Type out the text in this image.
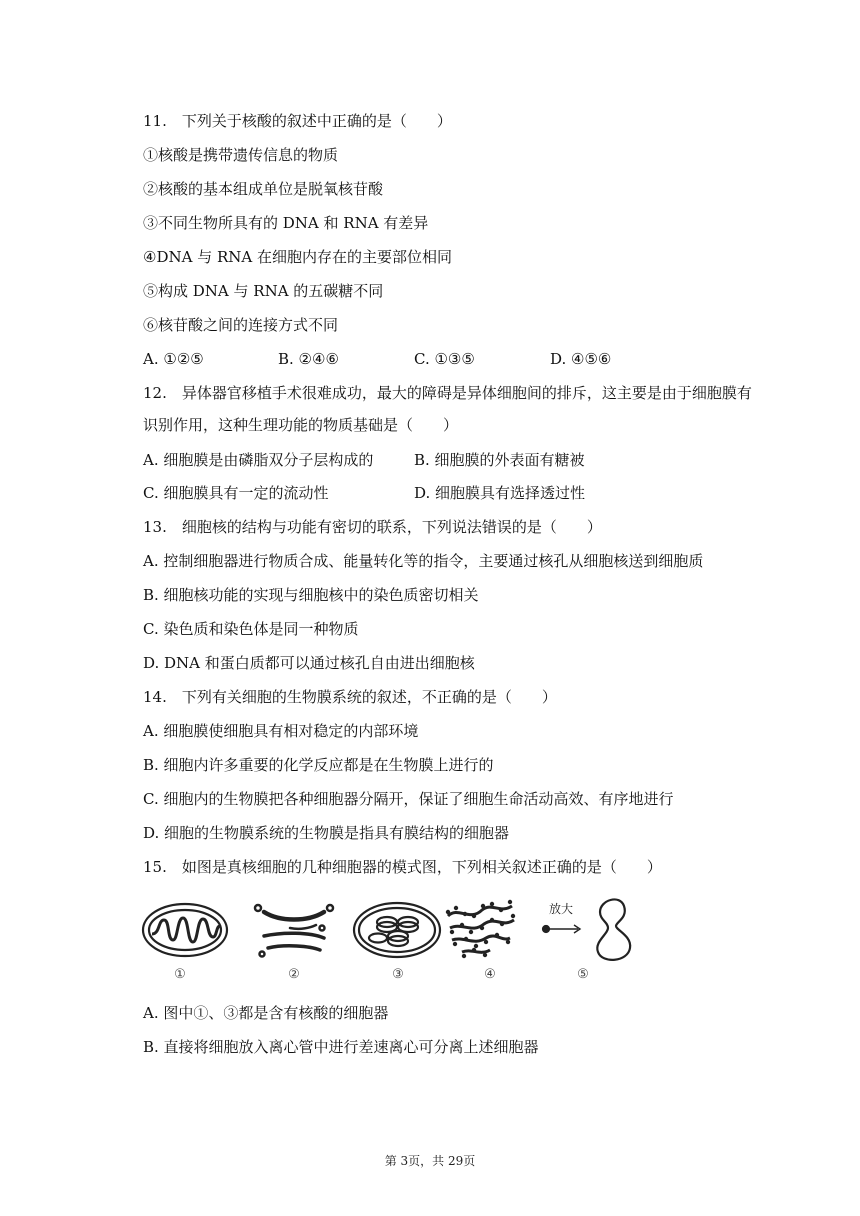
11.　下列关于核酸的叙述中正确的是（　　）
①核酸是携带遗传信息的物质
②核酸的基本组成单位是脱氧核苷酸
③不同生物所具有的 DNA 和 RNA 有差异
④DNA 与 RNA 在细胞内存在的主要部位相同
⑤构成 DNA 与 RNA 的五碳糖不同
⑥核苷酸之间的连接方式不同
A. ①②⑤	B. ②④⑥	C. ①③⑤	D. ④⑤⑥
12.　异体器官移植手术很难成功，最大的障碍是异体细胞间的排斥，这主要是由于细胞膜有
识别作用，这种生理功能的物质基础是（　　）
A. 细胞膜是由磷脂双分子层构成的	B. 细胞膜的外表面有糖被
C. 细胞膜具有一定的流动性	D. 细胞膜具有选择透过性
13.　细胞核的结构与功能有密切的联系，下列说法错误的是（　　）
A. 控制细胞器进行物质合成、能量转化等的指令，主要通过核孔从细胞核送到细胞质
B. 细胞核功能的实现与细胞核中的染色质密切相关
C. 染色质和染色体是同一种物质
D. DNA 和蛋白质都可以通过核孔自由进出细胞核
14.　下列有关细胞的生物膜系统的叙述，不正确的是（　　）
A. 细胞膜使细胞具有相对稳定的内部环境
B. 细胞内许多重要的化学反应都是在生物膜上进行的
C. 细胞内的生物膜把各种细胞器分隔开，保证了细胞生命活动高效、有序地进行
D. 细胞的生物膜系统的生物膜是指具有膜结构的细胞器
15.　如图是真核细胞的几种细胞器的模式图，下列相关叙述正确的是（　　）
放大
①	②	③	④	⑤
A. 图中①、③都是含有核酸的细胞器
B. 直接将细胞放入离心管中进行差速离心可分离上述细胞器
第 3页，共 29页
